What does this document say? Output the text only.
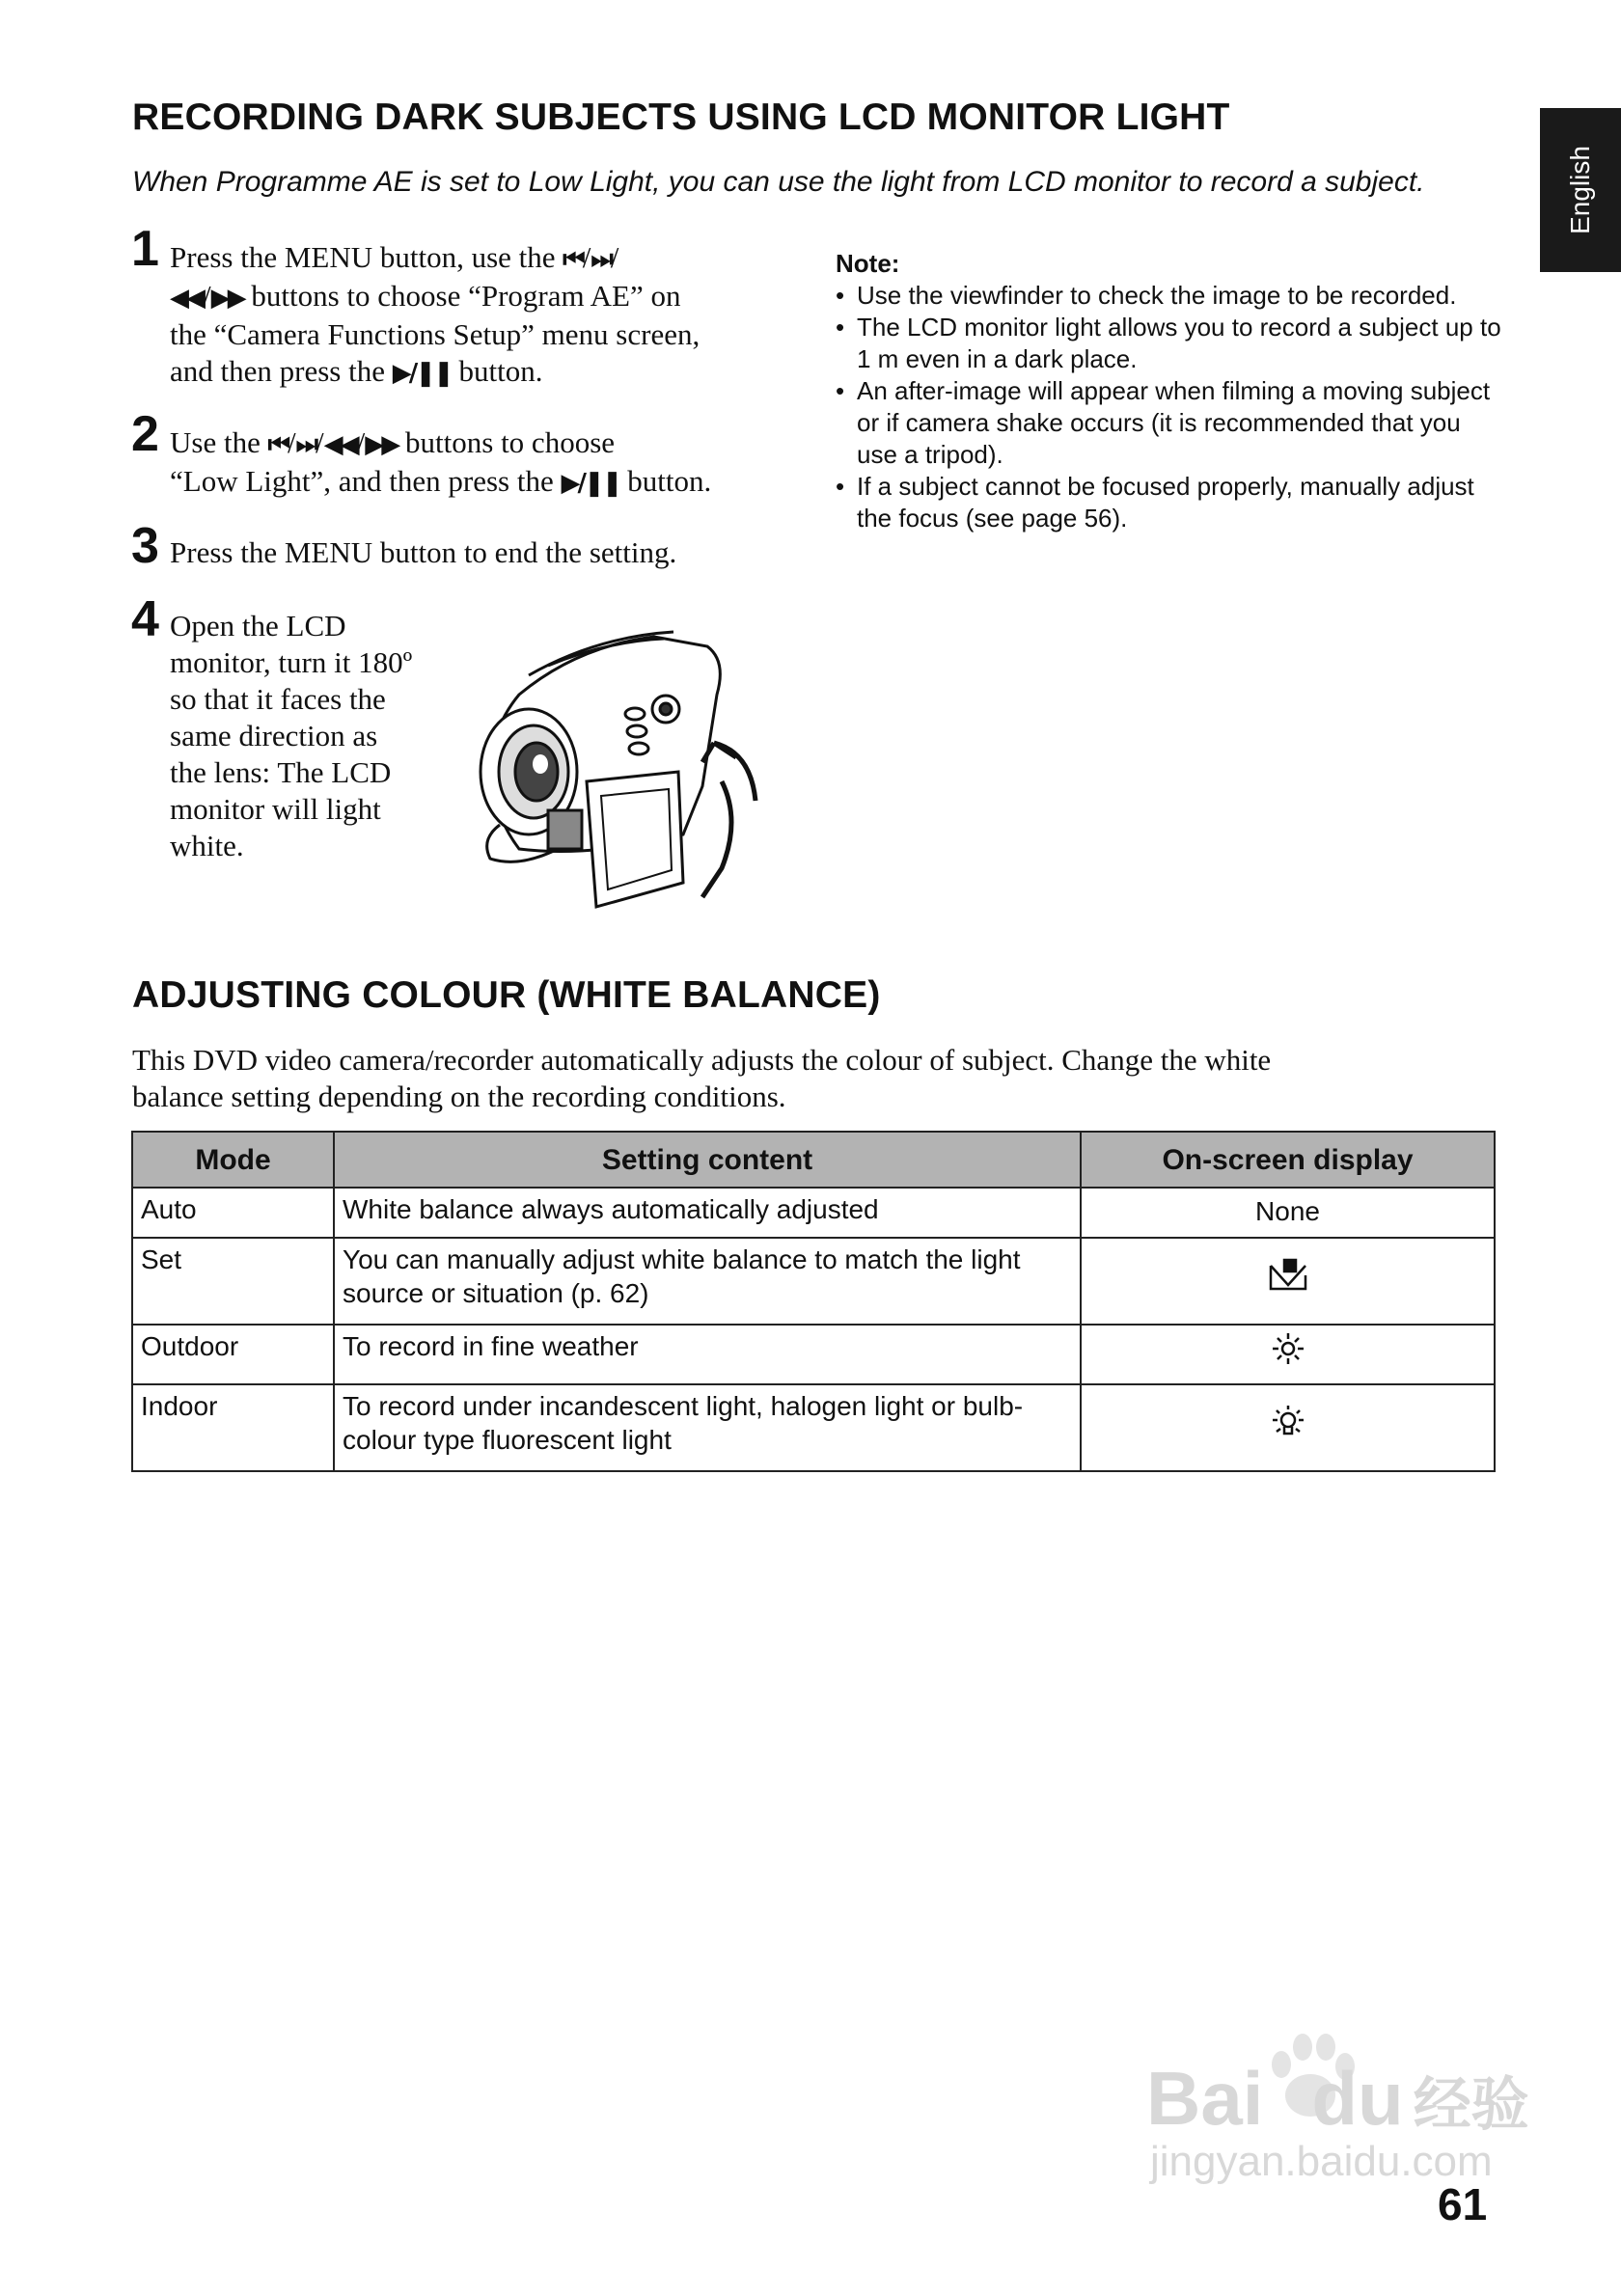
English
RECORDING DARK SUBJECTS USING LCD MONITOR LIGHT
When Programme AE is set to Low Light, you can use the light from LCD monitor to record a subject.
1 Press the MENU button, use the ⏮/⏭/
◀◀/▶▶ buttons to choose “Program AE” on
the “Camera Functions Setup” menu screen,
and then press the ▶/❚❚ button.
2 Use the ⏮/⏭/◀◀/▶▶ buttons to choose
“Low Light”, and then press the ▶/❚❚ button.
3 Press the MENU button to end the setting.
4 Open the LCD
monitor, turn it 180º
so that it faces the
same direction as
the lens: The LCD
monitor will light
white.
Note:
• Use the viewfinder to check the image to be recorded.
• The LCD monitor light allows you to record a subject up to 1 m even in a dark place.
• An after-image will appear when filming a moving subject or if camera shake occurs (it is recommended that you use a tripod).
• If a subject cannot be focused properly, manually adjust the focus (see page 56).
ADJUSTING COLOUR (WHITE BALANCE)
This DVD video camera/recorder automatically adjusts the colour of subject. Change the white
balance setting depending on the recording conditions.
Mode	Setting content	On-screen display
Auto	White balance always automatically adjusted	None
Set	You can manually adjust white balance to match the light source or situation (p. 62)	
Outdoor	To record in fine weather	
Indoor	To record under incandescent light, halogen light or bulb-colour type fluorescent light	
Bai du 经验
jingyan.baidu.com
61
